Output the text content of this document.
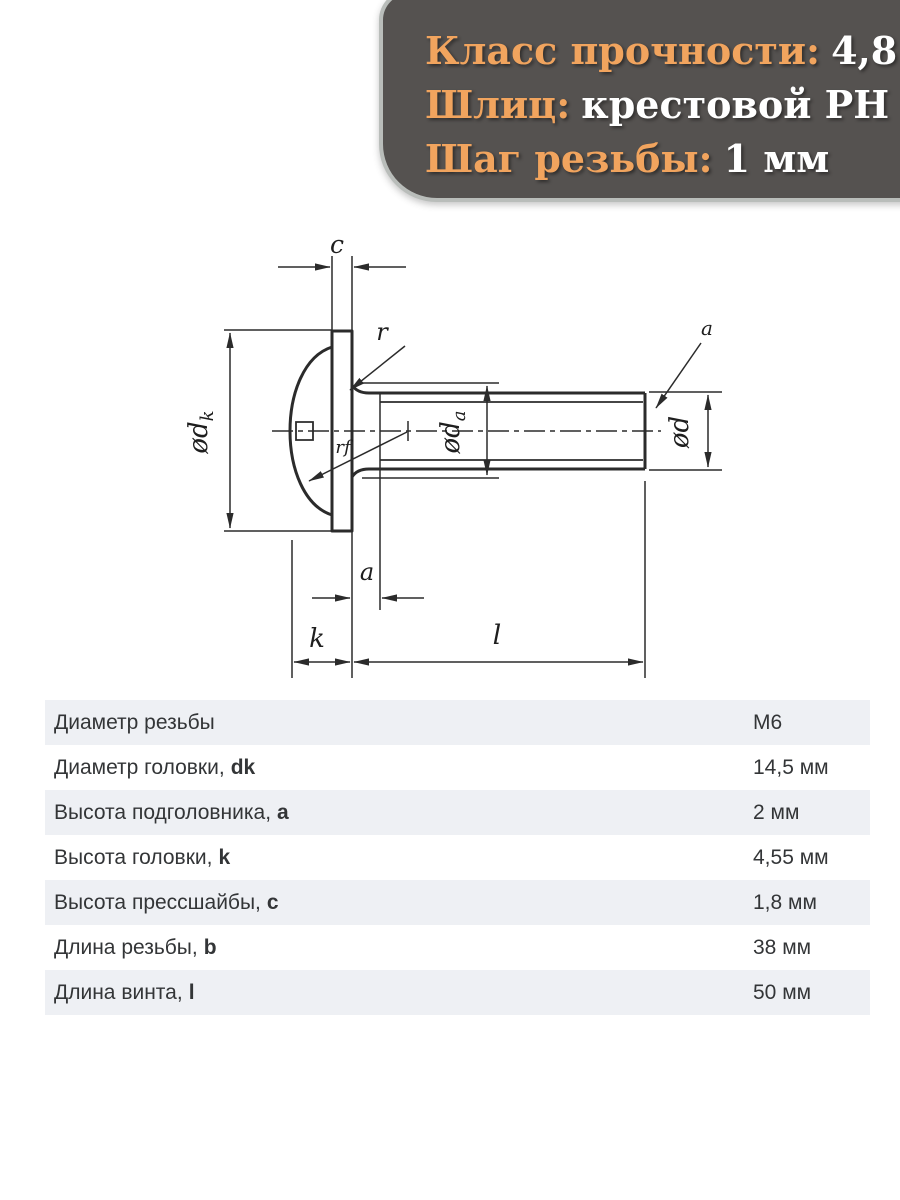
Класс прочности: 4,8
Шлиц: крестовой PH
Шаг резьбы: 1 мм
c
$ød_k$
$ød_a$	ød
r
rf
a
a
k	l
Диаметр резьбы	М6
Диаметр головки, dk	14,5 мм
Высота подголовника, a	2 мм
Высота головки, k	4,55 мм
Высота прессшайбы, c	1,8 мм
Длина резьбы, b	38 мм
Длина винта, l	50 мм
